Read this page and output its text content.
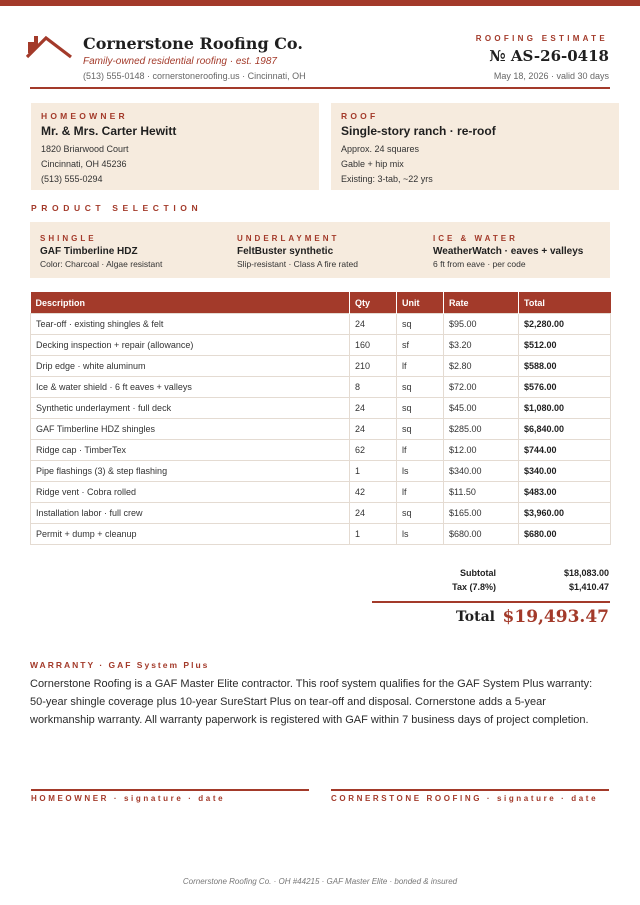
Cornerstone Roofing Co.
Family-owned residential roofing · est. 1987
(513) 555-0148 · cornerstoneroofing.us · Cincinnati, OH
ROOFING ESTIMATE
№ AS-26-0418
May 18, 2026 · valid 30 days
HOMEOWNER
Mr. & Mrs. Carter Hewitt
1820 Briarwood Court
Cincinnati, OH 45236
(513) 555-0294
ROOF
Single-story ranch · re-roof
Approx. 24 squares
Gable + hip mix
Existing: 3-tab, ~22 yrs
PRODUCT SELECTION
SHINGLE
GAF Timberline HDZ
Color: Charcoal · Algae resistant
UNDERLAYMENT
FeltBuster synthetic
Slip-resistant · Class A fire rated
ICE & WATER
WeatherWatch · eaves + valleys
6 ft from eave · per code
Description	Qty	Unit	Rate	Total
Tear-off · existing shingles & felt	24	sq	$95.00	$2,280.00
Decking inspection + repair (allowance)	160	sf	$3.20	$512.00
Drip edge · white aluminum	210	lf	$2.80	$588.00
Ice & water shield · 6 ft eaves + valleys	8	sq	$72.00	$576.00
Synthetic underlayment · full deck	24	sq	$45.00	$1,080.00
GAF Timberline HDZ shingles	24	sq	$285.00	$6,840.00
Ridge cap · TimberTex	62	lf	$12.00	$744.00
Pipe flashings (3) & step flashing	1	ls	$340.00	$340.00
Ridge vent · Cobra rolled	42	lf	$11.50	$483.00
Installation labor · full crew	24	sq	$165.00	$3,960.00
Permit + dump + cleanup	1	ls	$680.00	$680.00
Subtotal	$18,083.00
Tax (7.8%)	$1,410.47
Total $19,493.47
WARRANTY · GAF System Plus
Cornerstone Roofing is a GAF Master Elite contractor. This roof system qualifies for the GAF System Plus warranty: 50-year shingle coverage plus 10-year SureStart Plus on tear-off and disposal. Cornerstone adds a 5-year workmanship warranty. All warranty paperwork is registered with GAF within 7 business days of project completion.
HOMEOWNER · signature · date	CORNERSTONE ROOFING · signature · date
Cornerstone Roofing Co. · OH #44215 · GAF Master Elite · bonded & insured
